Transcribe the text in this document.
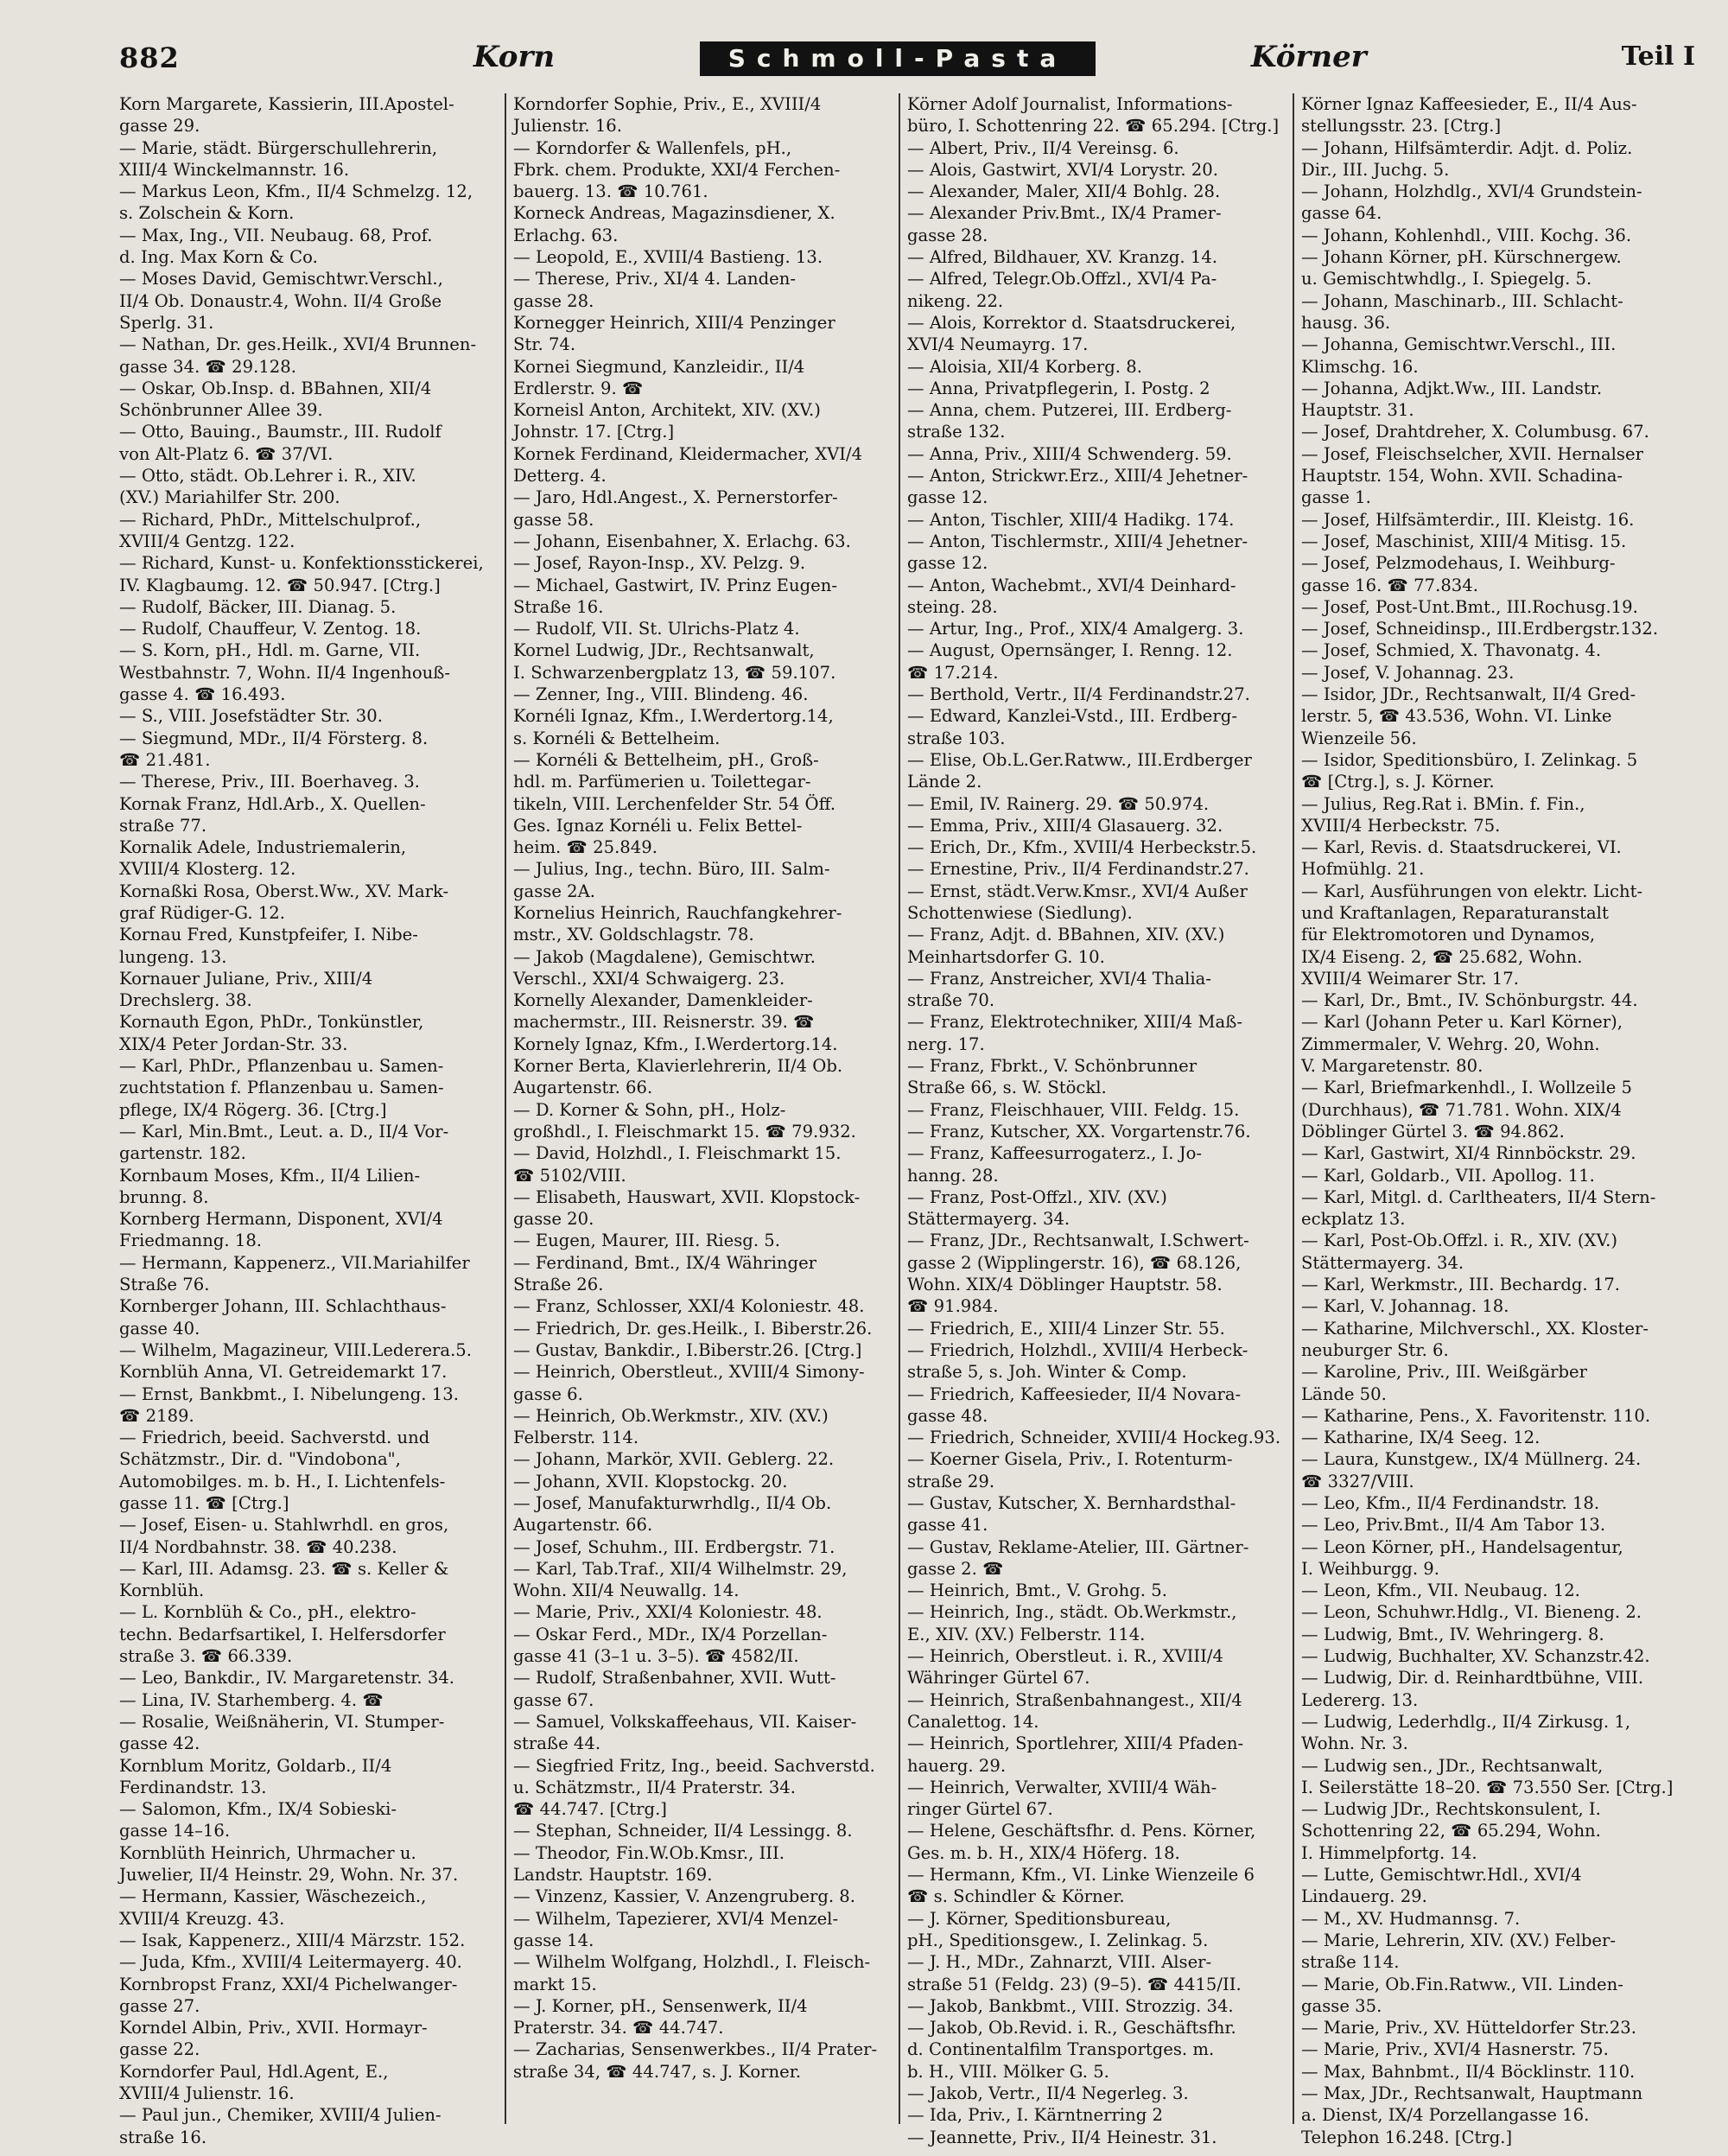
882	Korn	Schmoll-Pasta	Körner	Teil I

Korn Margarete, Kassierin, III.Apostel-

gasse 29.

— Marie, städt. Bürgerschullehrerin,

XIII/4 Winckelmannstr. 16.

— Markus Leon, Kfm., II/4 Schmelzg. 12,

s. Zolschein & Korn.

— Max, Ing., VII. Neubaug. 68, Prof.

d. Ing. Max Korn & Co.

— Moses David, Gemischtwr.Verschl.,

II/4 Ob. Donaustr.4, Wohn. II/4 Große

Sperlg. 31.

— Nathan, Dr. ges.Heilk., XVI/4 Brunnen-

gasse 34. ☎ 29.128.

— Oskar, Ob.Insp. d. BBahnen, XII/4

Schönbrunner Allee 39.

— Otto, Bauing., Baumstr., III. Rudolf

von Alt-Platz 6. ☎ 37/VI.

— Otto, städt. Ob.Lehrer i. R., XIV.

(XV.) Mariahilfer Str. 200.

— Richard, PhDr., Mittelschulprof.,

XVIII/4 Gentzg. 122.

— Richard, Kunst- u. Konfektionsstickerei,

IV. Klagbaumg. 12. ☎ 50.947. [Ctrg.]

— Rudolf, Bäcker, III. Dianag. 5.

— Rudolf, Chauffeur, V. Zentog. 18.

— S. Korn, pH., Hdl. m. Garne, VII.

Westbahnstr. 7, Wohn. II/4 Ingenhouß-

gasse 4. ☎ 16.493.

— S., VIII. Josefstädter Str. 30.

— Siegmund, MDr., II/4 Försterg. 8.

☎ 21.481.

— Therese, Priv., III. Boerhaveg. 3.

Kornak Franz, Hdl.Arb., X. Quellen-

straße 77.

Kornalik Adele, Industriemalerin,

XVIII/4 Klosterg. 12.

Kornaßki Rosa, Oberst.Ww., XV. Mark-

graf Rüdiger-G. 12.

Kornau Fred, Kunstpfeifer, I. Nibe-

lungeng. 13.

Kornauer Juliane, Priv., XIII/4

Drechslerg. 38.

Kornauth Egon, PhDr., Tonkünstler,

XIX/4 Peter Jordan-Str. 33.

— Karl, PhDr., Pflanzenbau u. Samen-

zuchtstation f. Pflanzenbau u. Samen-

pflege, IX/4 Rögerg. 36. [Ctrg.]

— Karl, Min.Bmt., Leut. a. D., II/4 Vor-

gartenstr. 182.

Kornbaum Moses, Kfm., II/4 Lilien-

brunng. 8.

Kornberg Hermann, Disponent, XVI/4

Friedmanng. 18.

— Hermann, Kappenerz., VII.Mariahilfer

Straße 76.

Kornberger Johann, III. Schlachthaus-

gasse 40.

— Wilhelm, Magazineur, VIII.Lederera.5.

Kornblüh Anna, VI. Getreidemarkt 17.

— Ernst, Bankbmt., I. Nibelungeng. 13.

☎ 2189.

— Friedrich, beeid. Sachverstd. und

Schätzmstr., Dir. d. "Vindobona",

Automobilges. m. b. H., I. Lichtenfels-

gasse 11. ☎ [Ctrg.]

— Josef, Eisen- u. Stahlwrhdl. en gros,

II/4 Nordbahnstr. 38. ☎ 40.238.

— Karl, III. Adamsg. 23. ☎ s. Keller &

Kornblüh.

— L. Kornblüh & Co., pH., elektro-

techn. Bedarfsartikel, I. Helfersdorfer

straße 3. ☎ 66.339.

— Leo, Bankdir., IV. Margaretenstr. 34.

— Lina, IV. Starhemberg. 4. ☎

— Rosalie, Weißnäherin, VI. Stumper-

gasse 42.

Kornblum Moritz, Goldarb., II/4

Ferdinandstr. 13.

— Salomon, Kfm., IX/4 Sobieski-

gasse 14–16.

Kornblüth Heinrich, Uhrmacher u.

Juwelier, II/4 Heinstr. 29, Wohn. Nr. 37.

— Hermann, Kassier, Wäschezeich.,

XVIII/4 Kreuzg. 43.

— Isak, Kappenerz., XIII/4 Märzstr. 152.

— Juda, Kfm., XVIII/4 Leitermayerg. 40.

Kornbropst Franz, XXI/4 Pichelwanger-

gasse 27.

Korndel Albin, Priv., XVII. Hormayr-

gasse 22.

Korndorfer Paul, Hdl.Agent, E.,

XVIII/4 Julienstr. 16.

— Paul jun., Chemiker, XVIII/4 Julien-

straße 16.

Korndorfer Sophie, Priv., E., XVIII/4

Julienstr. 16.

— Korndorfer & Wallenfels, pH.,

Fbrk. chem. Produkte, XXI/4 Ferchen-

bauerg. 13. ☎ 10.761.

Korneck Andreas, Magazinsdiener, X.

Erlachg. 63.

— Leopold, E., XVIII/4 Bastieng. 13.

— Therese, Priv., XI/4 4. Landen-

gasse 28.

Kornegger Heinrich, XIII/4 Penzinger

Str. 74.

Kornei Siegmund, Kanzleidir., II/4

Erdlerstr. 9. ☎

Korneisl Anton, Architekt, XIV. (XV.)

Johnstr. 17. [Ctrg.]

Kornek Ferdinand, Kleidermacher, XVI/4

Detterg. 4.

— Jaro, Hdl.Angest., X. Pernerstorfer-

gasse 58.

— Johann, Eisenbahner, X. Erlachg. 63.

— Josef, Rayon-Insp., XV. Pelzg. 9.

— Michael, Gastwirt, IV. Prinz Eugen-

Straße 16.

— Rudolf, VII. St. Ulrichs-Platz 4.

Kornel Ludwig, JDr., Rechtsanwalt,

I. Schwarzenbergplatz 13, ☎ 59.107.

— Zenner, Ing., VIII. Blindeng. 46.

Kornéli Ignaz, Kfm., I.Werdertorg.14,

s. Kornéli & Bettelheim.

— Kornéli & Bettelheim, pH., Groß-

hdl. m. Parfümerien u. Toilettegar-

tikeln, VIII. Lerchenfelder Str. 54 Öff.

Ges. Ignaz Kornéli u. Felix Bettel-

heim. ☎ 25.849.

— Julius, Ing., techn. Büro, III. Salm-

gasse 2A.

Kornelius Heinrich, Rauchfangkehrer-

mstr., XV. Goldschlagstr. 78.

— Jakob (Magdalene), Gemischtwr.

Verschl., XXI/4 Schwaigerg. 23.

Kornelly Alexander, Damenkleider-

machermstr., III. Reisnerstr. 39. ☎

Kornely Ignaz, Kfm., I.Werdertorg.14.

Korner Berta, Klavierlehrerin, II/4 Ob.

Augartenstr. 66.

— D. Korner & Sohn, pH., Holz-

großhdl., I. Fleischmarkt 15. ☎ 79.932.

— David, Holzhdl., I. Fleischmarkt 15.

☎ 5102/VIII.

— Elisabeth, Hauswart, XVII. Klopstock-

gasse 20.

— Eugen, Maurer, III. Riesg. 5.

— Ferdinand, Bmt., IX/4 Währinger

Straße 26.

— Franz, Schlosser, XXI/4 Koloniestr. 48.

— Friedrich, Dr. ges.Heilk., I. Biberstr.26.

— Gustav, Bankdir., I.Biberstr.26. [Ctrg.]

— Heinrich, Oberstleut., XVIII/4 Simony-

gasse 6.

— Heinrich, Ob.Werkmstr., XIV. (XV.)

Felberstr. 114.

— Johann, Markör, XVII. Geblerg. 22.

— Johann, XVII. Klopstockg. 20.

— Josef, Manufakturwrhdlg., II/4 Ob.

Augartenstr. 66.

— Josef, Schuhm., III. Erdbergstr. 71.

— Karl, Tab.Traf., XII/4 Wilhelmstr. 29,

Wohn. XII/4 Neuwallg. 14.

— Marie, Priv., XXI/4 Koloniestr. 48.

— Oskar Ferd., MDr., IX/4 Porzellan-

gasse 41 (3–1 u. 3–5). ☎ 4582/II.

— Rudolf, Straßenbahner, XVII. Wutt-

gasse 67.

— Samuel, Volkskaffeehaus, VII. Kaiser-

straße 44.

— Siegfried Fritz, Ing., beeid. Sachverstd.

u. Schätzmstr., II/4 Praterstr. 34.

☎ 44.747. [Ctrg.]

— Stephan, Schneider, II/4 Lessingg. 8.

— Theodor, Fin.W.Ob.Kmsr., III.

Landstr. Hauptstr. 169.

— Vinzenz, Kassier, V. Anzengruberg. 8.

— Wilhelm, Tapezierer, XVI/4 Menzel-

gasse 14.

— Wilhelm Wolfgang, Holzhdl., I. Fleisch-

markt 15.

— J. Korner, pH., Sensenwerk, II/4

Praterstr. 34. ☎ 44.747.

— Zacharias, Sensenwerkbes., II/4 Prater-

straße 34, ☎ 44.747, s. J. Korner.

Körner Adolf Journalist, Informations-

büro, I. Schottenring 22. ☎ 65.294. [Ctrg.]

— Albert, Priv., II/4 Vereinsg. 6.

— Alois, Gastwirt, XVI/4 Lorystr. 20.

— Alexander, Maler, XII/4 Bohlg. 28.

— Alexander Priv.Bmt., IX/4 Pramer-

gasse 28.

— Alfred, Bildhauer, XV. Kranzg. 14.

— Alfred, Telegr.Ob.Offzl., XVI/4 Pa-

nikeng. 22.

— Alois, Korrektor d. Staatsdruckerei,

XVI/4 Neumayrg. 17.

— Aloisia, XII/4 Korberg. 8.

— Anna, Privatpflegerin, I. Postg. 2

— Anna, chem. Putzerei, III. Erdberg-

straße 132.

— Anna, Priv., XIII/4 Schwenderg. 59.

— Anton, Strickwr.Erz., XIII/4 Jehetner-

gasse 12.

— Anton, Tischler, XIII/4 Hadikg. 174.

— Anton, Tischlermstr., XIII/4 Jehetner-

gasse 12.

— Anton, Wachebmt., XVI/4 Deinhard-

steing. 28.

— Artur, Ing., Prof., XIX/4 Amalgerg. 3.

— August, Opernsänger, I. Renng. 12.

☎ 17.214.

— Berthold, Vertr., II/4 Ferdinandstr.27.

— Edward, Kanzlei-Vstd., III. Erdberg-

straße 103.

— Elise, Ob.L.Ger.Ratww., III.Erdberger

Lände 2.

— Emil, IV. Rainerg. 29. ☎ 50.974.

— Emma, Priv., XIII/4 Glasauerg. 32.

— Erich, Dr., Kfm., XVIII/4 Herbeckstr.5.

— Ernestine, Priv., II/4 Ferdinandstr.27.

— Ernst, städt.Verw.Kmsr., XVI/4 Außer

Schottenwiese (Siedlung).

— Franz, Adjt. d. BBahnen, XIV. (XV.)

Meinhartsdorfer G. 10.

— Franz, Anstreicher, XVI/4 Thalia-

straße 70.

— Franz, Elektrotechniker, XIII/4 Maß-

nerg. 17.

— Franz, Fbrkt., V. Schönbrunner

Straße 66, s. W. Stöckl.

— Franz, Fleischhauer, VIII. Feldg. 15.

— Franz, Kutscher, XX. Vorgartenstr.76.

— Franz, Kaffeesurrogaterz., I. Jo-

hanng. 28.

— Franz, Post-Offzl., XIV. (XV.)

Stättermayerg. 34.

— Franz, JDr., Rechtsanwalt, I.Schwert-

gasse 2 (Wipplingerstr. 16), ☎ 68.126,

Wohn. XIX/4 Döblinger Hauptstr. 58.

☎ 91.984.

— Friedrich, E., XIII/4 Linzer Str. 55.

— Friedrich, Holzhdl., XVIII/4 Herbeck-

straße 5, s. Joh. Winter & Comp.

— Friedrich, Kaffeesieder, II/4 Novara-

gasse 48.

— Friedrich, Schneider, XVIII/4 Hockeg.93.

— Koerner Gisela, Priv., I. Rotenturm-

straße 29.

— Gustav, Kutscher, X. Bernhardsthal-

gasse 41.

— Gustav, Reklame-Atelier, III. Gärtner-

gasse 2. ☎

— Heinrich, Bmt., V. Grohg. 5.

— Heinrich, Ing., städt. Ob.Werkmstr.,

E., XIV. (XV.) Felberstr. 114.

— Heinrich, Oberstleut. i. R., XVIII/4

Währinger Gürtel 67.

— Heinrich, Straßenbahnangest., XII/4

Canalettog. 14.

— Heinrich, Sportlehrer, XIII/4 Pfaden-

hauerg. 29.

— Heinrich, Verwalter, XVIII/4 Wäh-

ringer Gürtel 67.

— Helene, Geschäftsfhr. d. Pens. Körner,

Ges. m. b. H., XIX/4 Höferg. 18.

— Hermann, Kfm., VI. Linke Wienzeile 6

☎ s. Schindler & Körner.

— J. Körner, Speditionsbureau,

pH., Speditionsgew., I. Zelinkag. 5.

— J. H., MDr., Zahnarzt, VIII. Alser-

straße 51 (Feldg. 23) (9–5). ☎ 4415/II.

— Jakob, Bankbmt., VIII. Strozzig. 34.

— Jakob, Ob.Revid. i. R., Geschäftsfhr.

d. Continentalfilm Transportges. m.

b. H., VIII. Mölker G. 5.

— Jakob, Vertr., II/4 Negerleg. 3.

— Ida, Priv., I. Kärntnerring 2

— Jeannette, Priv., II/4 Heinestr. 31.

Körner Ignaz Kaffeesieder, E., II/4 Aus-

stellungsstr. 23. [Ctrg.]

— Johann, Hilfsämterdir. Adjt. d. Poliz.

Dir., III. Juchg. 5.

— Johann, Holzhdlg., XVI/4 Grundstein-

gasse 64.

— Johann, Kohlenhdl., VIII. Kochg. 36.

— Johann Körner, pH. Kürschnergew.

u. Gemischtwhdlg., I. Spiegelg. 5.

— Johann, Maschinarb., III. Schlacht-

hausg. 36.

— Johanna, Gemischtwr.Verschl., III.

Klimschg. 16.

— Johanna, Adjkt.Ww., III. Landstr.

Hauptstr. 31.

— Josef, Drahtdreher, X. Columbusg. 67.

— Josef, Fleischselcher, XVII. Hernalser

Hauptstr. 154, Wohn. XVII. Schadina-

gasse 1.

— Josef, Hilfsämterdir., III. Kleistg. 16.

— Josef, Maschinist, XIII/4 Mitisg. 15.

— Josef, Pelzmodehaus, I. Weihburg-

gasse 16. ☎ 77.834.

— Josef, Post-Unt.Bmt., III.Rochusg.19.

— Josef, Schneidinsp., III.Erdbergstr.132.

— Josef, Schmied, X. Thavonatg. 4.

— Josef, V. Johannag. 23.

— Isidor, JDr., Rechtsanwalt, II/4 Gred-

lerstr. 5, ☎ 43.536, Wohn. VI. Linke

Wienzeile 56.

— Isidor, Speditionsbüro, I. Zelinkag. 5

☎ [Ctrg.], s. J. Körner.

— Julius, Reg.Rat i. BMin. f. Fin.,

XVIII/4 Herbeckstr. 75.

— Karl, Revis. d. Staatsdruckerei, VI.

Hofmühlg. 21.

— Karl, Ausführungen von elektr. Licht-

und Kraftanlagen, Reparaturanstalt

für Elektromotoren und Dynamos,

IX/4 Eiseng. 2, ☎ 25.682, Wohn.

XVIII/4 Weimarer Str. 17.

— Karl, Dr., Bmt., IV. Schönburgstr. 44.

— Karl (Johann Peter u. Karl Körner),

Zimmermaler, V. Wehrg. 20, Wohn.

V. Margaretenstr. 80.

— Karl, Briefmarkenhdl., I. Wollzeile 5

(Durchhaus), ☎ 71.781. Wohn. XIX/4

Döblinger Gürtel 3. ☎ 94.862.

— Karl, Gastwirt, XI/4 Rinnböckstr. 29.

— Karl, Goldarb., VII. Apollog. 11.

— Karl, Mitgl. d. Carltheaters, II/4 Stern-

eckplatz 13.

— Karl, Post-Ob.Offzl. i. R., XIV. (XV.)

Stättermayerg. 34.

— Karl, Werkmstr., III. Bechardg. 17.

— Karl, V. Johannag. 18.

— Katharine, Milchverschl., XX. Kloster-

neuburger Str. 6.

— Karoline, Priv., III. Weißgärber

Lände 50.

— Katharine, Pens., X. Favoritenstr. 110.

— Katharine, IX/4 Seeg. 12.

— Laura, Kunstgew., IX/4 Müllnerg. 24.

☎ 3327/VIII.

— Leo, Kfm., II/4 Ferdinandstr. 18.

— Leo, Priv.Bmt., II/4 Am Tabor 13.

— Leon Körner, pH., Handelsagentur,

I. Weihburgg. 9.

— Leon, Kfm., VII. Neubaug. 12.

— Leon, Schuhwr.Hdlg., VI. Bieneng. 2.

— Ludwig, Bmt., IV. Wehringerg. 8.

— Ludwig, Buchhalter, XV. Schanzstr.42.

— Ludwig, Dir. d. Reinhardtbühne, VIII.

Ledererg. 13.

— Ludwig, Lederhdlg., II/4 Zirkusg. 1,

Wohn. Nr. 3.

— Ludwig sen., JDr., Rechtsanwalt,

I. Seilerstätte 18–20. ☎ 73.550 Ser. [Ctrg.]

— Ludwig JDr., Rechtskonsulent, I.

Schottenring 22, ☎ 65.294, Wohn.

I. Himmelpfortg. 14.

— Lutte, Gemischtwr.Hdl., XVI/4

Lindauerg. 29.

— M., XV. Hudmannsg. 7.

— Marie, Lehrerin, XIV. (XV.) Felber-

straße 114.

— Marie, Ob.Fin.Ratww., VII. Linden-

gasse 35.

— Marie, Priv., XV. Hütteldorfer Str.23.

— Marie, Priv., XVI/4 Hasnerstr. 75.

— Max, Bahnbmt., II/4 Böcklinstr. 110.

— Max, JDr., Rechtsanwalt, Hauptmann

a. Dienst, IX/4 Porzellangasse 16.

Telephon 16.248. [Ctrg.]
